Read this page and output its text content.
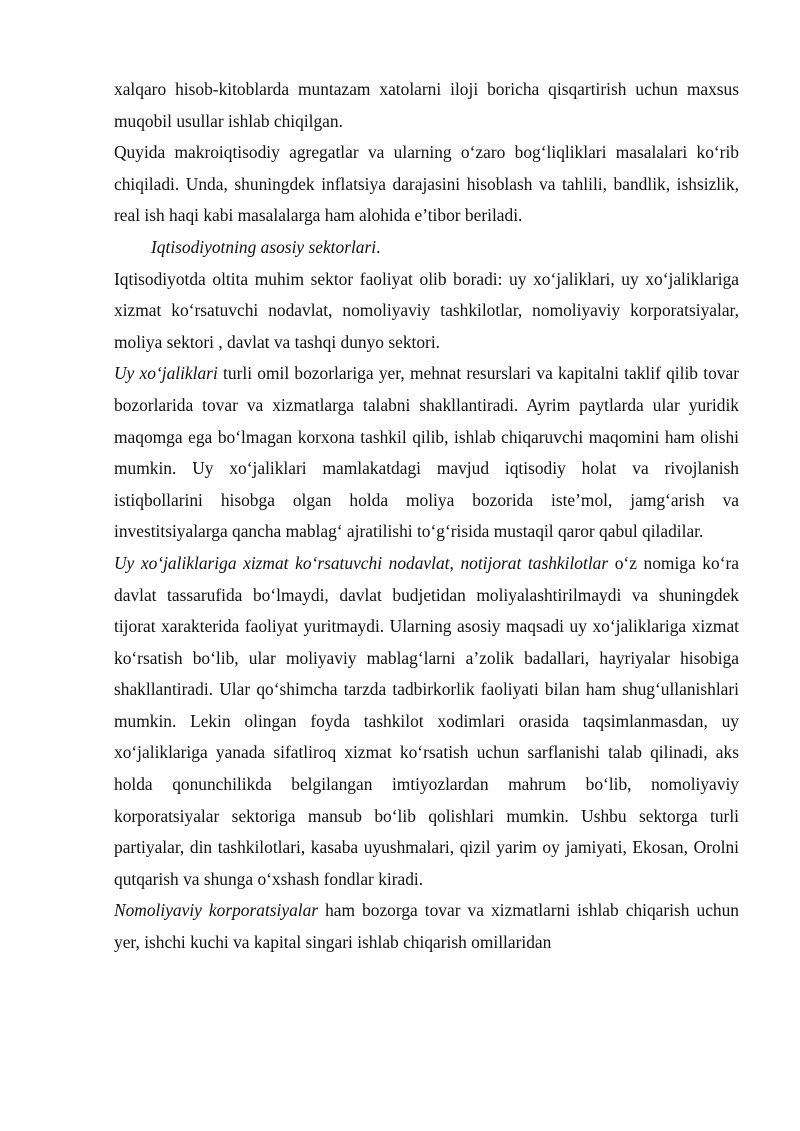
xalqaro hisob-kitoblarda muntazam xatolarni iloji boricha qisqartirish uchun maxsus muqobil usullar ishlab chiqilgan.

Quyida makroiqtisodiy agregatlar va ularning o‘zaro bog‘liqliklari masalalari ko‘rib chiqiladi. Unda, shuningdek inflatsiya darajasini hisoblash va tahlili, bandlik, ishsizlik, real ish haqi kabi masalalarga ham alohida e’tibor beriladi.

Iqtisodiyotning asosiy sektorlari.

Iqtisodiyotda oltita muhim sektor faoliyat olib boradi: uy xo‘jaliklari, uy xo‘jaliklariga xizmat ko‘rsatuvchi nodavlat, nomoliyaviy tashkilotlar, nomoliyaviy korporatsiyalar, moliya sektori , davlat va tashqi dunyo sektori.

Uy xo‘jaliklari turli omil bozorlariga yer, mehnat resurslari va kapitalni taklif qilib tovar bozorlarida tovar va xizmatlarga talabni shakllantiradi. Ayrim paytlarda ular yuridik maqomga ega bo‘lmagan korxona tashkil qilib, ishlab chiqaruvchi maqomini ham olishi mumkin. Uy xo‘jaliklari mamlakatdagi mavjud iqtisodiy holat va rivojlanish istiqbollarini hisobga olgan holda moliya bozorida iste’mol, jamg‘arish va investitsiyalarga qancha mablag‘ ajratilishi to‘g‘risida mustaqil qaror qabul qiladilar.

Uy xo‘jaliklariga xizmat ko‘rsatuvchi nodavlat, notijorat tashkilotlar o‘z nomiga ko‘ra davlat tassarufida bo‘lmaydi, davlat budjetidan moliyalashtirilmaydi va shuningdek tijorat xarakterida faoliyat yuritmaydi. Ularning asosiy maqsadi uy xo‘jaliklariga xizmat ko‘rsatish bo‘lib, ular moliyaviy mablag‘larni a’zolik badallari, hayriyalar hisobiga shakllantiradi. Ular qo‘shimcha tarzda tadbirkorlik faoliyati bilan ham shug‘ullanishlari mumkin. Lekin olingan foyda tashkilot xodimlari orasida taqsimlanmasdan, uy xo‘jaliklariga yanada sifatliroq xizmat ko‘rsatish uchun sarflanishi talab qilinadi, aks holda qonunchilikda belgilangan imtiyozlardan mahrum bo‘lib, nomoliyaviy korporatsiyalar sektoriga mansub bo‘lib qolishlari mumkin. Ushbu sektorga turli partiyalar, din tashkilotlari, kasaba uyushmalari, qizil yarim oy jamiyati, Ekosan, Orolni qutqarish va shunga o‘xshash fondlar kiradi.

Nomoliyaviy korporatsiyalar ham bozorga tovar va xizmatlarni ishlab chiqarish uchun yer, ishchi kuchi va kapital singari ishlab chiqarish omillaridan
